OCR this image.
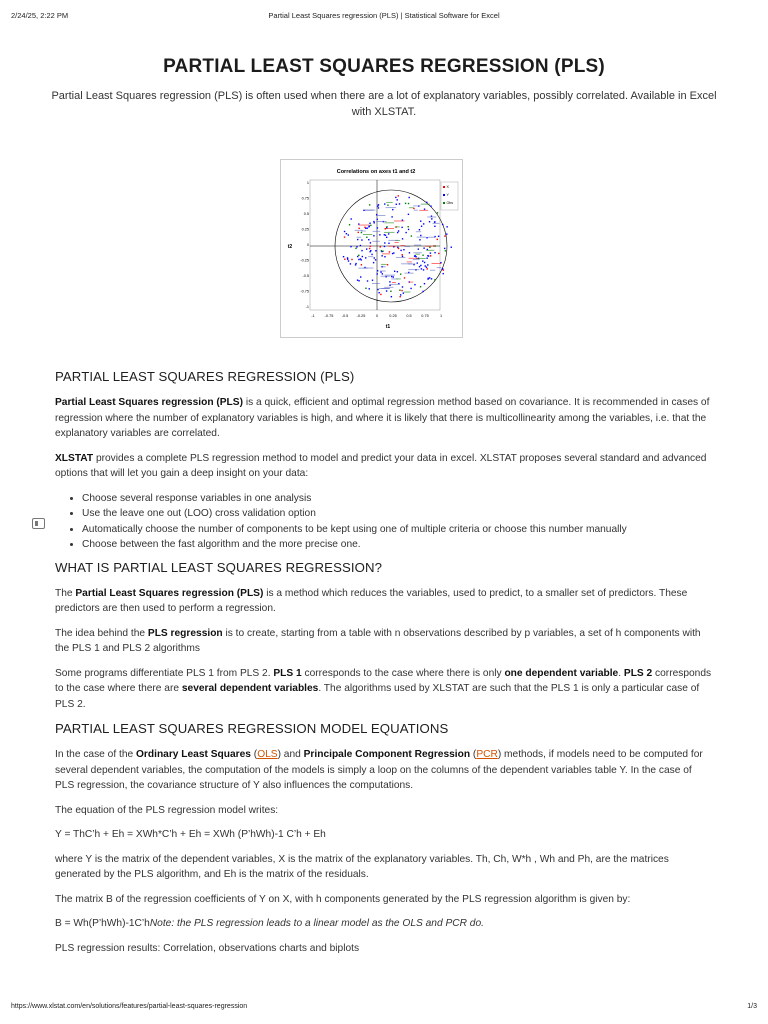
2/24/25, 2:22 PM	Partial Least Squares regression (PLS) | Statistical Software for Excel
PARTIAL LEAST SQUARES REGRESSION (PLS)

Partial Least Squares regression (PLS) is often used when there are a lot of explanatory variables, possibly correlated. Available in Excel with XLSTAT.

Correlations on axes t1 and t2
-1	-0.75 -0.5 -0.25	0	0.25	0.5	0.75	1
1
0.75
0.5
0.25
0
-0.25
-0.5
-0.75
-1
t1
t2
X
Y
Obs
PARTIAL LEAST SQUARES REGRESSION (PLS)

Partial Least Squares regression (PLS) is a quick, efficient and optimal regression method based on covariance. It is recommended in cases of regression where the number of explanatory variables is high, and where it is likely that there is multicollinearity among the variables, i.e. that the explanatory variables are correlated.

XLSTAT provides a complete PLS regression method to model and predict your data in excel. XLSTAT proposes several standard and advanced options that will let you gain a deep insight on your data:

• Choose several response variables in one analysis
• Use the leave one out (LOO) cross validation option
• Automatically choose the number of components to be kept using one of multiple criteria or choose this number manually
• Choose between the fast algorithm and the more precise one.
WHAT IS PARTIAL LEAST SQUARES REGRESSION?

The Partial Least Squares regression (PLS) is a method which reduces the variables, used to predict, to a smaller set of predictors. These predictors are then used to perform a regression.

The idea behind the PLS regression is to create, starting from a table with n observations described by p variables, a set of h components with the PLS 1 and PLS 2 algorithms

Some programs differentiate PLS 1 from PLS 2. PLS 1 corresponds to the case where there is only one dependent variable. PLS 2 corresponds to the case where there are several dependent variables. The algorithms used by XLSTAT are such that the PLS 1 is only a particular case of PLS 2.

PARTIAL LEAST SQUARES REGRESSION MODEL EQUATIONS

In the case of the Ordinary Least Squares (OLS) and Principale Component Regression (PCR) methods, if models need to be computed for several dependent variables, the computation of the models is simply a loop on the columns of the dependent variables table Y. In the case of PLS regression, the covariance structure of Y also influences the computations.

The equation of the PLS regression model writes:

Y = ThC’h + Eh = XWh*C’h + Eh = XWh (P’hWh)-1 C’h + Eh

where Y is the matrix of the dependent variables, X is the matrix of the explanatory variables. Th, Ch, W*h , Wh and Ph, are the matrices generated by the PLS algorithm, and Eh is the matrix of the residuals.

The matrix B of the regression coefficients of Y on X, with h components generated by the PLS regression algorithm is given by:

B = Wh(P’hWh)-1C’hNote: the PLS regression leads to a linear model as the OLS and PCR do.

PLS regression results: Correlation, observations charts and biplots

https://www.xlstat.com/en/solutions/features/partial-least-squares-regression	1/3
